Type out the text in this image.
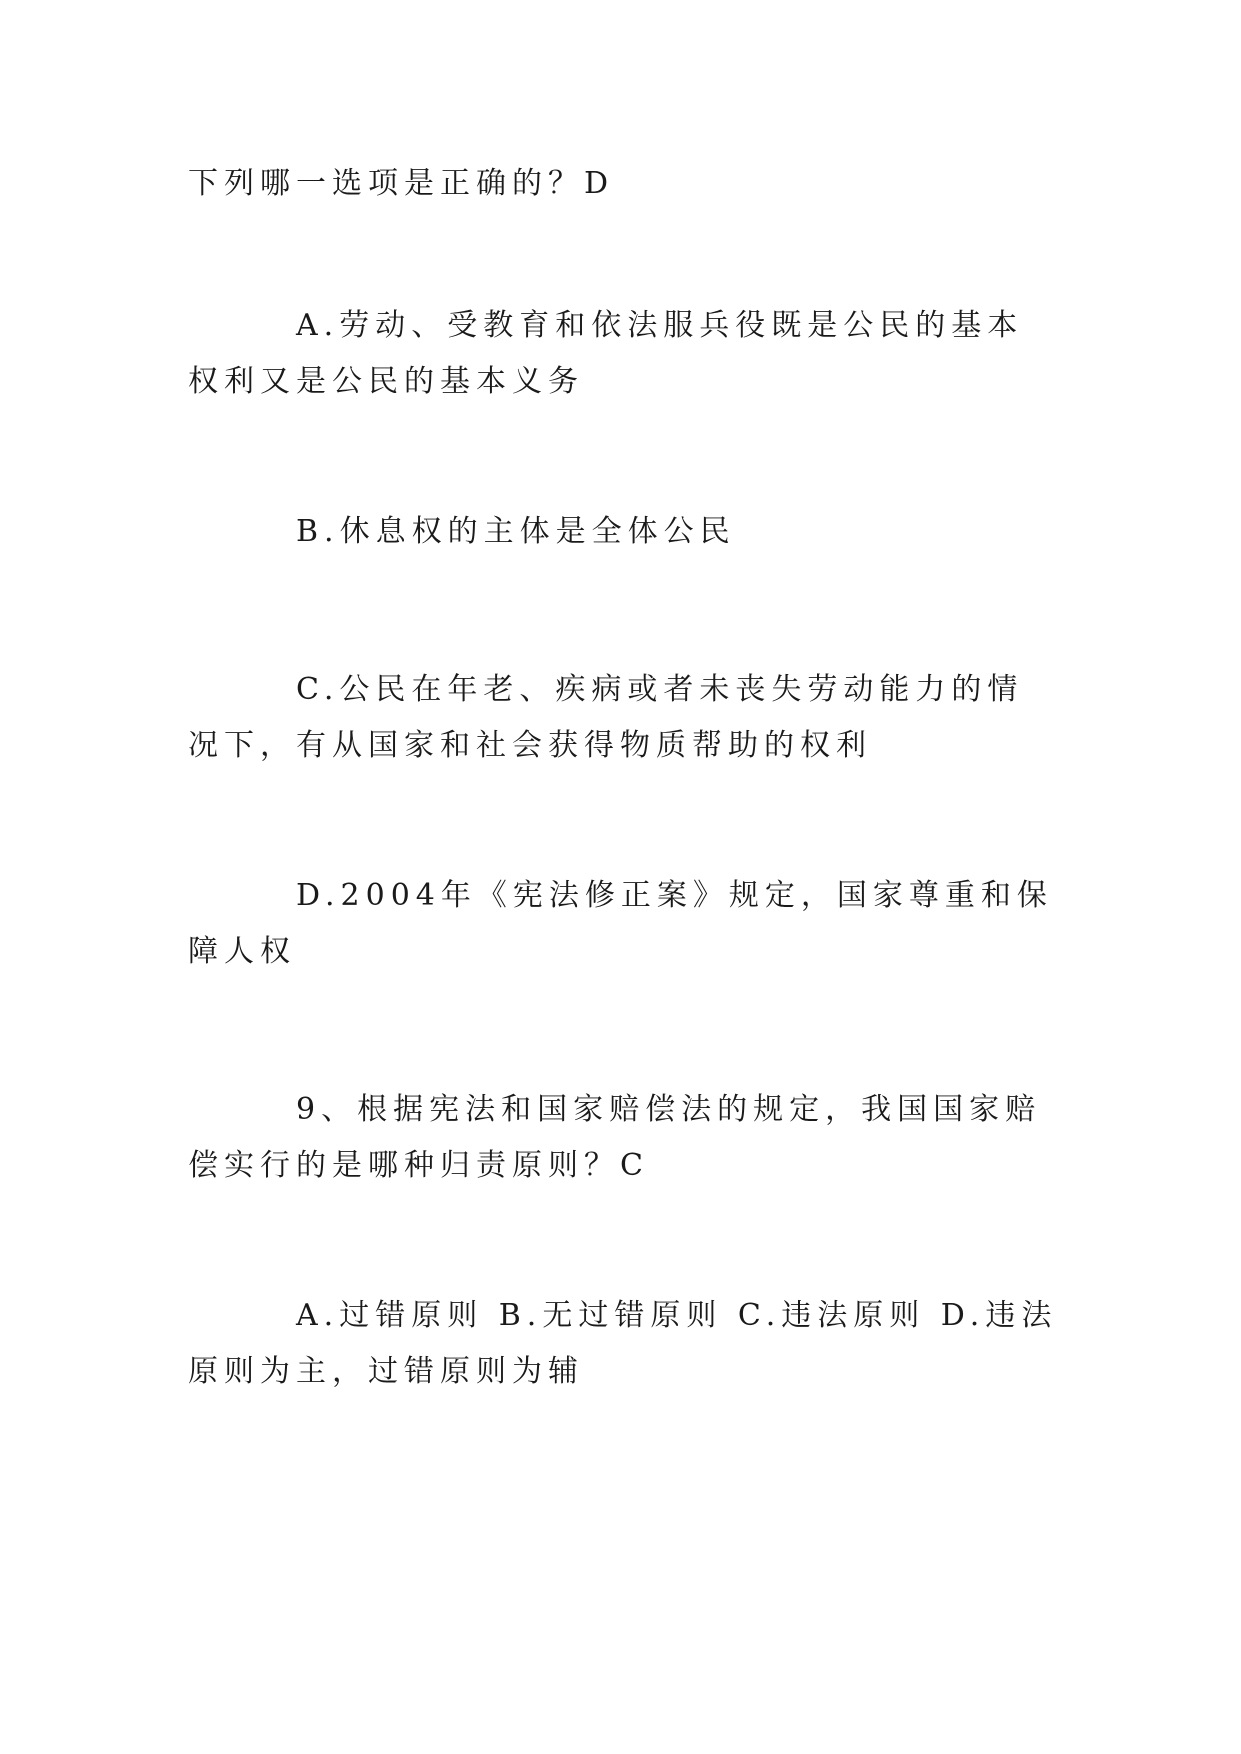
下列哪一选项是正确的？D

A.劳动、受教育和依法服兵役既是公民的基本权利又是公民的基本义务

B.休息权的主体是全体公民

C.公民在年老、疾病或者未丧失劳动能力的情况下，有从国家和社会获得物质帮助的权利

D.2004年《宪法修正案》规定，国家尊重和保障人权

9、根据宪法和国家赔偿法的规定，我国国家赔偿实行的是哪种归责原则？C

A.过错原则 B.无过错原则 C.违法原则 D.违法原则为主，过错原则为辅
